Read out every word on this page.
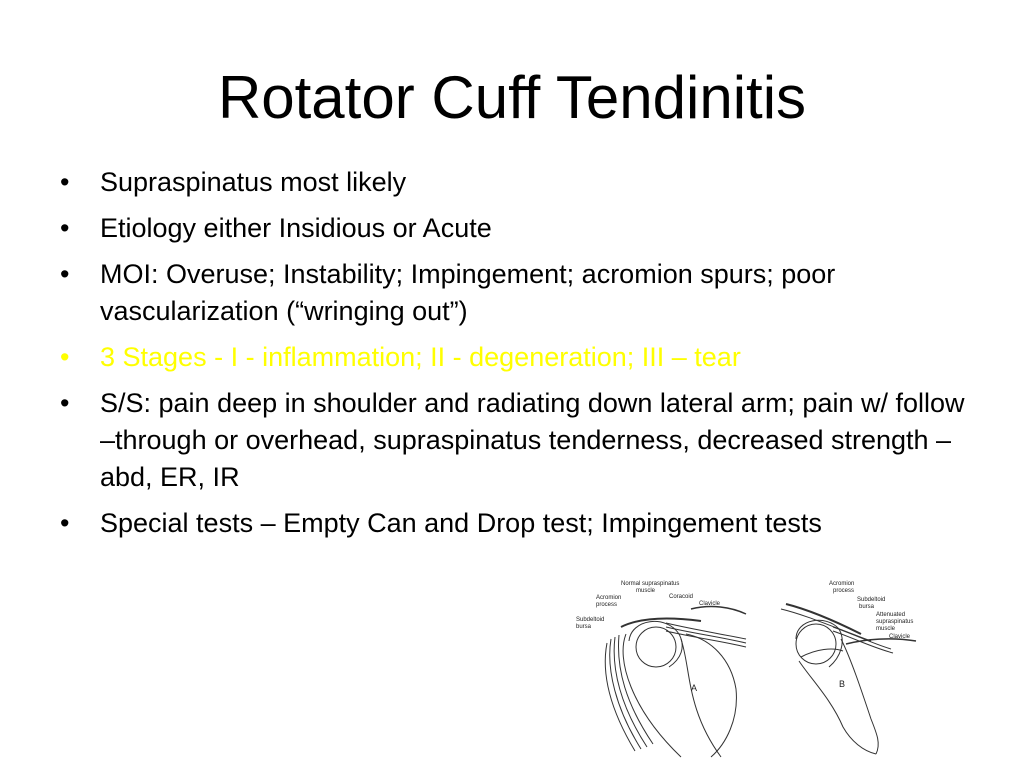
Rotator Cuff Tendinitis
• Supraspinatus most likely
• Etiology either Insidious or Acute
• MOI: Overuse; Instability; Impingement; acromion spurs; poor vascularization (“wringing out”)
• 3 Stages - I - inflammation; II - degeneration; III – tear
• S/S: pain deep in shoulder and radiating down lateral arm; pain w/ follow –through or overhead, supraspinatus tenderness, decreased strength – abd, ER, IR
• Special tests – Empty Can and Drop test; Impingement tests
Normal supraspinatus
muscle
Acromion
process
Coracoid
Clavicle
Subdeltoid
bursa
A
Acromion
process
Subdeltoid
bursa
Attenuated
supraspinatus
muscle
Clavicle
B
